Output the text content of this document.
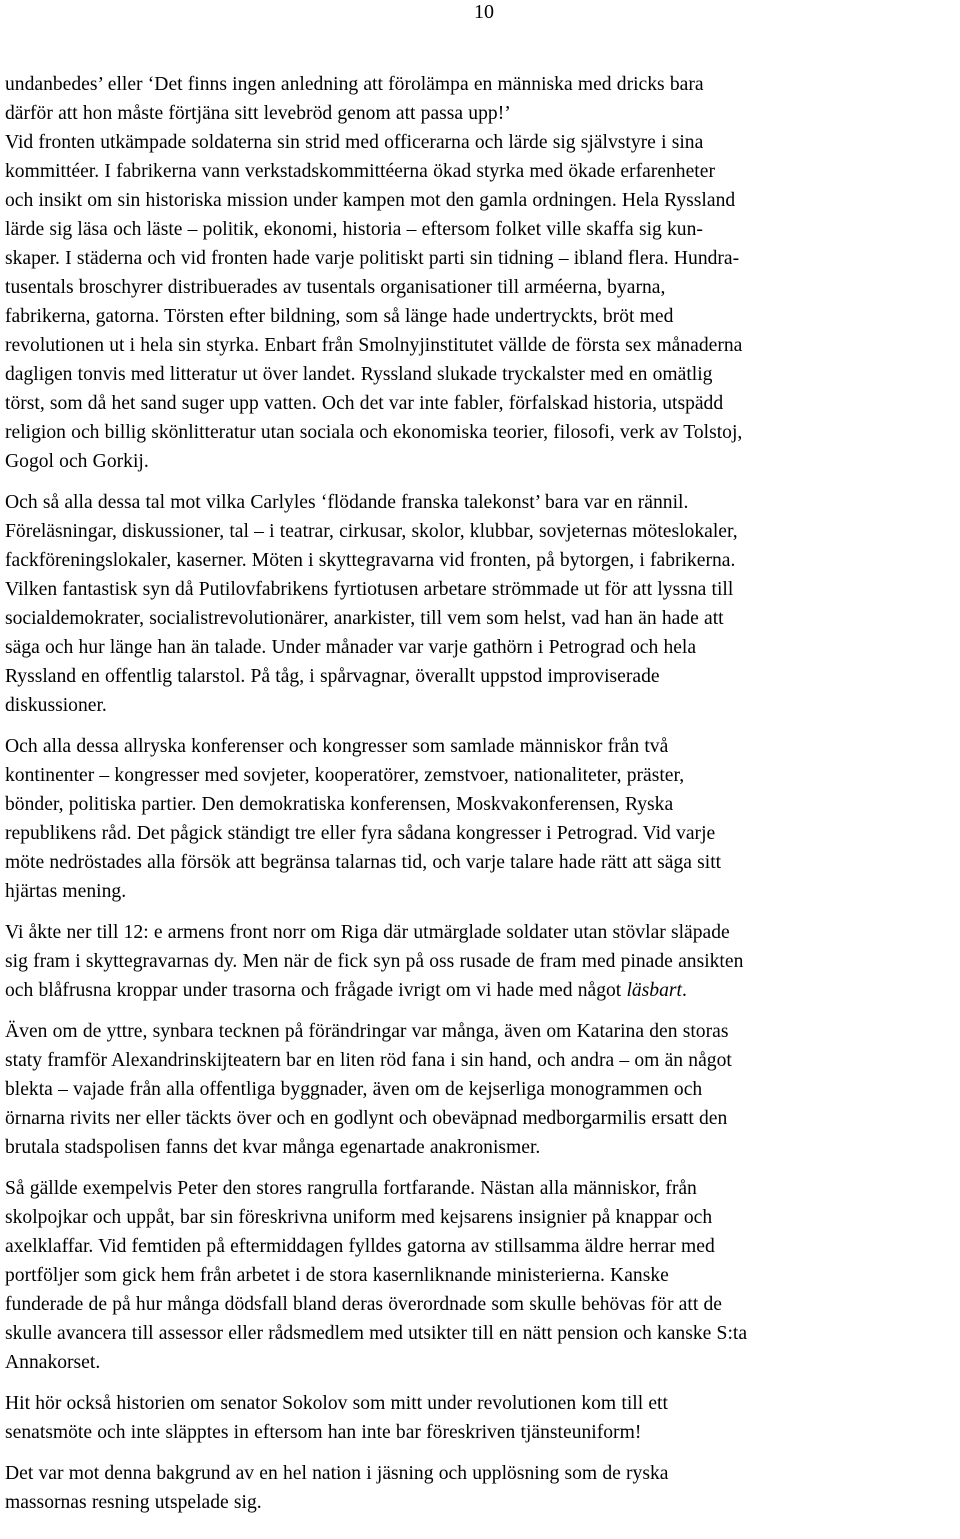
10

undanbedes’ eller ‘Det finns ingen anledning att förolämpa en människa med dricks bara
därför att hon måste förtjäna sitt levebröd genom att passa upp!’
Vid fronten utkämpade soldaterna sin strid med officerarna och lärde sig självstyre i sina
kommittéer. I fabrikerna vann verkstadskommittéerna ökad styrka med ökade erfarenheter
och insikt om sin historiska mission under kampen mot den gamla ordningen. Hela Ryssland
lärde sig läsa och läste – politik, ekonomi, historia – eftersom folket ville skaffa sig kun-
skaper. I städerna och vid fronten hade varje politiskt parti sin tidning – ibland flera. Hundra-
tusentals broschyrer distribuerades av tusentals organisationer till arméerna, byarna,
fabrikerna, gatorna. Törsten efter bildning, som så länge hade undertryckts, bröt med
revolutionen ut i hela sin styrka. Enbart från Smolnyjinstitutet vällde de första sex månaderna
dagligen tonvis med litteratur ut över landet. Ryssland slukade tryckalster med en omätlig
törst, som då het sand suger upp vatten. Och det var inte fabler, förfalskad historia, utspädd
religion och billig skönlitteratur utan sociala och ekonomiska teorier, filosofi, verk av Tolstoj,
Gogol och Gorkij.

Och så alla dessa tal mot vilka Carlyles ‘flödande franska talekonst’ bara var en rännil.
Föreläsningar, diskussioner, tal – i teatrar, cirkusar, skolor, klubbar, sovjeternas möteslokaler,
fackföreningslokaler, kaserner. Möten i skyttegravarna vid fronten, på bytorgen, i fabrikerna.
Vilken fantastisk syn då Putilovfabrikens fyrtiotusen arbetare strömmade ut för att lyssna till
socialdemokrater, socialistrevolutionärer, anarkister, till vem som helst, vad han än hade att
säga och hur länge han än talade. Under månader var varje gathörn i Petrograd och hela
Ryssland en offentlig talarstol. På tåg, i spårvagnar, överallt uppstod improviserade
diskussioner.

Och alla dessa allryska konferenser och kongresser som samlade människor från två
kontinenter – kongresser med sovjeter, kooperatörer, zemstvoer, nationaliteter, präster,
bönder, politiska partier. Den demokratiska konferensen, Moskvakonferensen, Ryska
republikens råd. Det pågick ständigt tre eller fyra sådana kongresser i Petrograd. Vid varje
möte nedröstades alla försök att begränsa talarnas tid, och varje talare hade rätt att säga sitt
hjärtas mening.

Vi åkte ner till 12: e armens front norr om Riga där utmärglade soldater utan stövlar släpade
sig fram i skyttegravarnas dy. Men när de fick syn på oss rusade de fram med pinade ansikten
och blåfrusna kroppar under trasorna och frågade ivrigt om vi hade med något läsbart.

Även om de yttre, synbara tecknen på förändringar var många, även om Katarina den storas
staty framför Alexandrinskijteatern bar en liten röd fana i sin hand, och andra – om än något
blekta – vajade från alla offentliga byggnader, även om de kejserliga monogrammen och
örnarna rivits ner eller täckts över och en godlynt och obeväpnad medborgarmilis ersatt den
brutala stadspolisen fanns det kvar många egenartade anakronismer.

Så gällde exempelvis Peter den stores rangrulla fortfarande. Nästan alla människor, från
skolpojkar och uppåt, bar sin föreskrivna uniform med kejsarens insignier på knappar och
axelklaffar. Vid femtiden på eftermiddagen fylldes gatorna av stillsamma äldre herrar med
portföljer som gick hem från arbetet i de stora kasernliknande ministerierna. Kanske
funderade de på hur många dödsfall bland deras överordnade som skulle behövas för att de
skulle avancera till assessor eller rådsmedlem med utsikter till en nätt pension och kanske S:ta
Annakorset.

Hit hör också historien om senator Sokolov som mitt under revolutionen kom till ett
senatsmöte och inte släpptes in eftersom han inte bar föreskriven tjänsteuniform!

Det var mot denna bakgrund av en hel nation i jäsning och upplösning som de ryska
massornas resning utspelade sig.
